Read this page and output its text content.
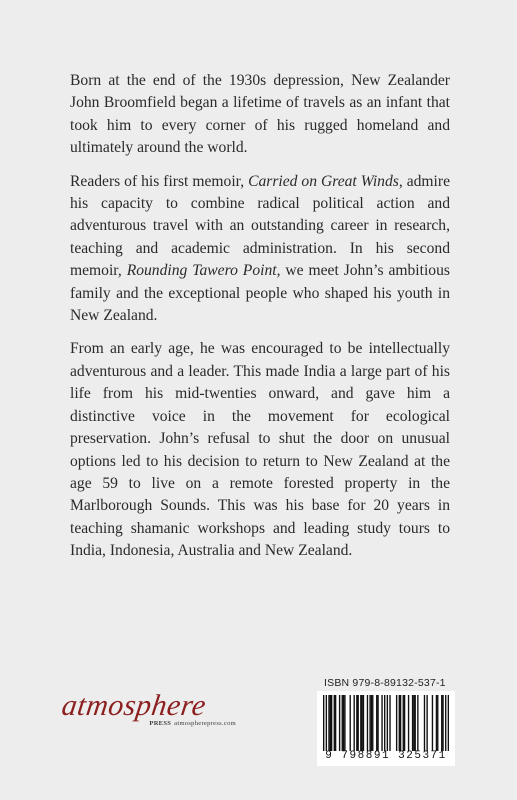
Born at the end of the 1930s depression, New Zealander John Broomfield began a lifetime of travels as an infant that took him to every corner of his rugged homeland and ultimately around the world.

Readers of his first memoir, Carried on Great Winds, admire his capacity to combine radical political action and adventurous travel with an outstanding career in research, teaching and academic administration. In his second memoir, Rounding Tawero Point, we meet John’s ambitious family and the exceptional people who shaped his youth in New Zealand.

From an early age, he was encouraged to be intellectually adventurous and a leader. This made India a large part of his life from his mid-twenties onward, and gave him a distinctive voice in the movement for ecological preservation. John’s refusal to shut the door on unusual options led to his decision to return to New Zealand at the age 59 to live on a remote forested property in the Marlborough Sounds. This was his base for 20 years in teaching shamanic workshops and leading study tours to India, Indonesia, Australia and New Zealand.

atmosphere
PRESS atmospherepress.com
ISBN 979-8-89132-537-1
9 798891 325371
